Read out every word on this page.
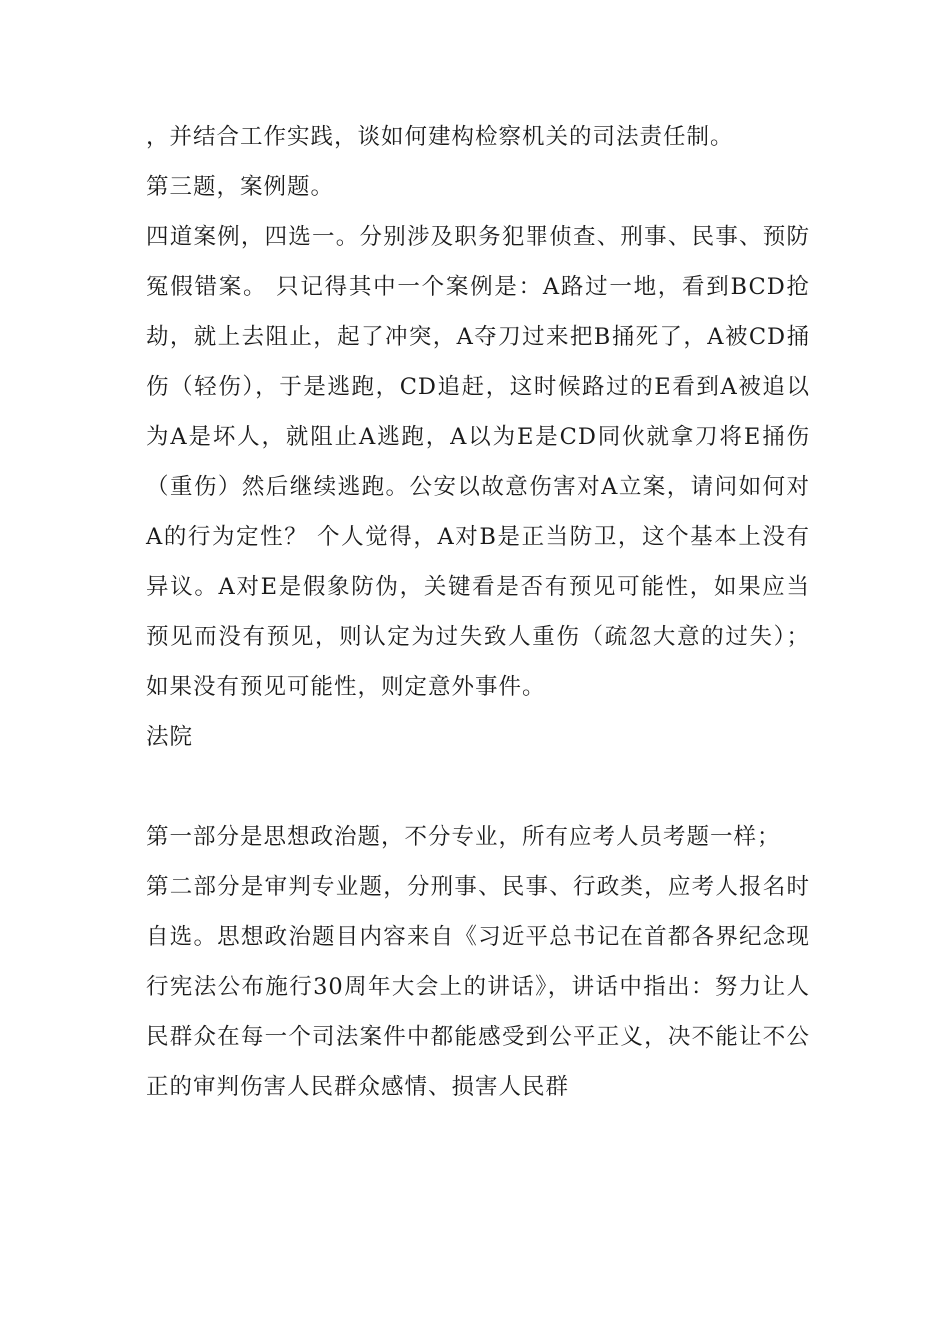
，并结合工作实践，谈如何建构检察机关的司法责任制。

第三题，案例题。

四道案例，四选一。分别涉及职务犯罪侦查、刑事、民事、预防冤假错案。 只记得其中一个案例是：A路过一地，看到BCD抢劫，就上去阻止，起了冲突，A夺刀过来把B捅死了，A被CD捅伤（轻伤），于是逃跑，CD追赶，这时候路过的E看到A被追以为A是坏人，就阻止A逃跑，A以为E是CD同伙就拿刀将E捅伤（重伤）然后继续逃跑。公安以故意伤害对A立案，请问如何对A的行为定性？ 个人觉得，A对B是正当防卫，这个基本上没有异议。A对E是假象防伪，关键看是否有预见可能性，如果应当预见而没有预见，则认定为过失致人重伤（疏忽大意的过失）；如果没有预见可能性，则定意外事件。

法院

第一部分是思想政治题，不分专业，所有应考人员考题一样；

第二部分是审判专业题，分刑事、民事、行政类，应考人报名时自选。思想政治题目内容来自《习近平总书记在首都各界纪念现行宪法公布施行30周年大会上的讲话》，讲话中指出：努力让人民群众在每一个司法案件中都能感受到公平正义，决不能让不公正的审判伤害人民群众感情、损害人民群
